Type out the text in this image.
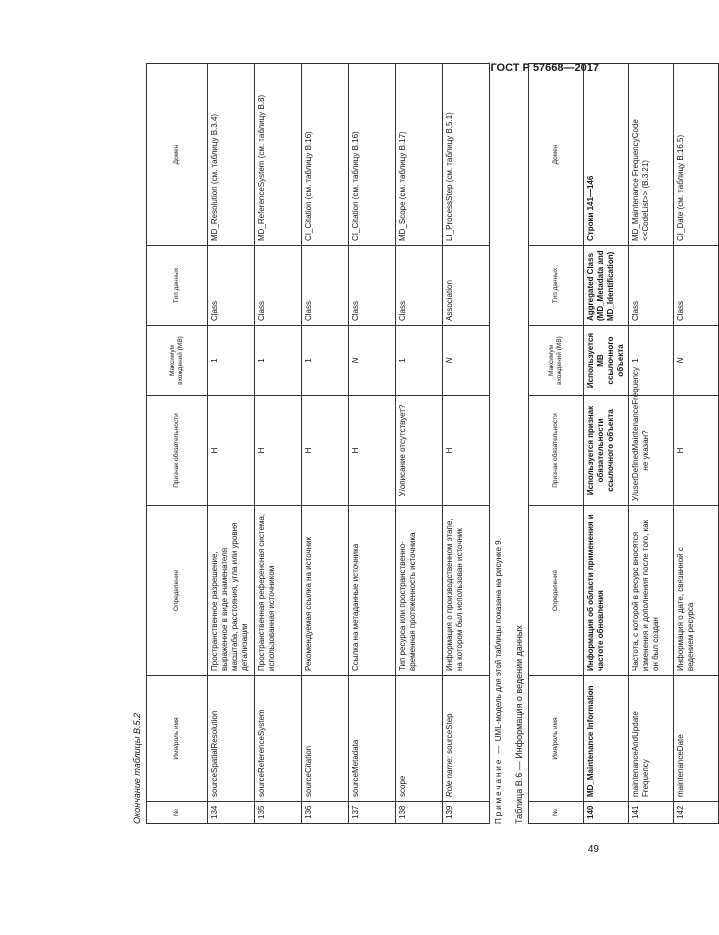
ГОСТ Р 57668—2017
Окончание таблицы В.5.2	№	Имя/роль имя	Определение	Признак обязательности	Максимум вхождений (МВ)	Тип данных	Домен
134	sourceSpatialResolution	Пространственное разрешение, выраженное в виде знаменателя масштаба, расстояния, угла или уровня детализации	Н	1	Class	MD_Resolution (см. таблицу В.3.4)
135	sourceReferenceSystem	Пространственная референсная система, использованная источником	Н	1	Class	MD_ReferenceSystem (см. таблицу В.8)
136	sourceCitation	Рекомендуемая ссылка на источник	Н	1	Class	CI_Citation (см. таблицу В.16)
137	sourceMetadata	Ссылка на метаданные источника	Н	N	Class	CI_Citation (см. таблицу В.16)
138	scope	Тип ресурса или пространственно-временная протяженность источника	У/описание отсутствует?	1	Class	MD_Scope (см. таблицу В.17)
139	Role name: sourceStep	Информация о производственном этапе, на котором был использован источник	Н	N	Association	LI_ProcessStep (см. таблицу В.5.1)
Примечание — UML-модель для этой таблицы показана на рисунке 9.	Таблица В.6 — Информация о ведении данных	№	Имя/роль имя	Определение	Признак обязательности	Максимум вхождений (МВ)	Тип данных	Домен
140	MD_Maintenance Information	Информация об области применения и частоте обновления	Используется признак обязательности ссылочного объекта	Используется МВ ссылочного объекта	Aggregated Class (MD_Metadata and MD_Identification)	Строки 141—146
141	maintenanceAndUpdate Frequency	Частота, с которой в ресурс вносятся изменения и дополнения после того, как он был создан	У/userDefinedMaintenanceFrequency не указан?	1	Class	MD_Maintenance FrequencyCode <<CodeList>> (В.3.21)
142	maintenanceDate	Информация о дате, связанной с ведением ресурса	Н	N	Class	CI_Date (см. таблицу В.16.5)
49
